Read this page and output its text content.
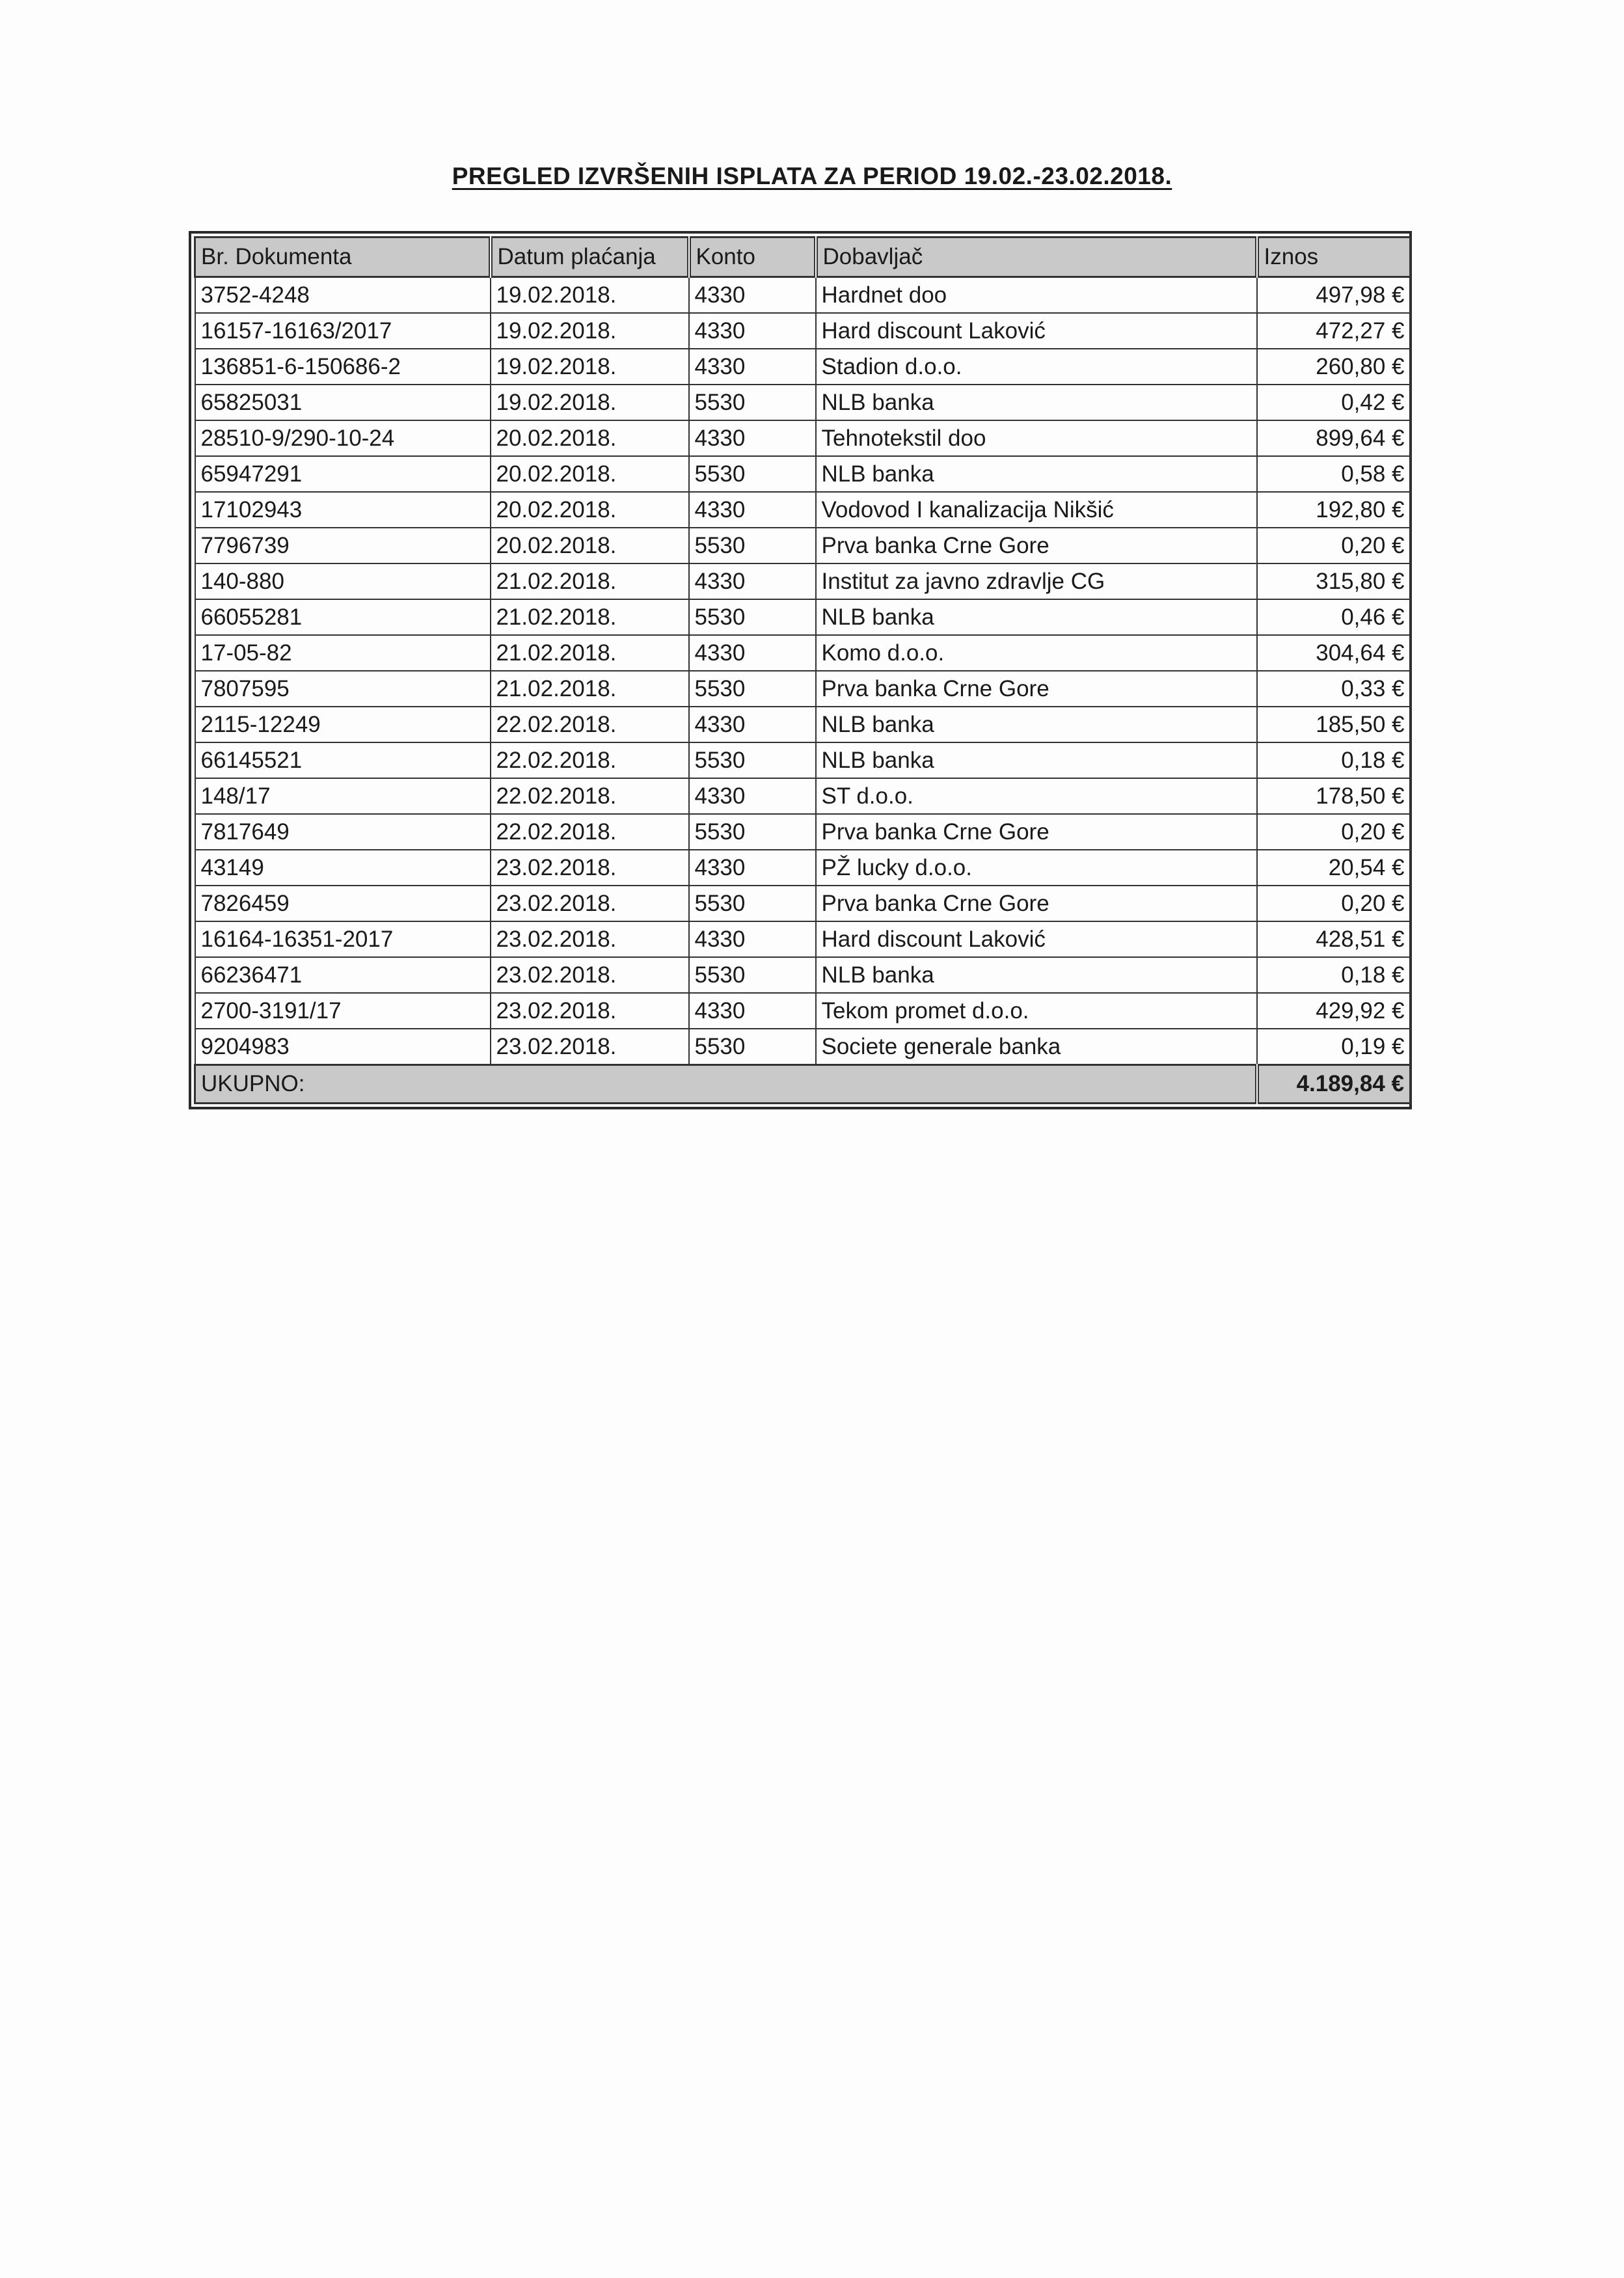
PREGLED IZVRŠENIH ISPLATA ZA PERIOD 19.02.-23.02.2018.
Br. Dokumenta	Datum plaćanja	Konto	Dobavljač	Iznos
3752-4248	19.02.2018.	4330	Hardnet doo	497,98 €
16157-16163/2017	19.02.2018.	4330	Hard discount Laković	472,27 €
136851-6-150686-2	19.02.2018.	4330	Stadion d.o.o.	260,80 €
65825031	19.02.2018.	5530	NLB banka	0,42 €
28510-9/290-10-24	20.02.2018.	4330	Tehnotekstil doo	899,64 €
65947291	20.02.2018.	5530	NLB banka	0,58 €
17102943	20.02.2018.	4330	Vodovod I kanalizacija Nikšić	192,80 €
7796739	20.02.2018.	5530	Prva banka Crne Gore	0,20 €
140-880	21.02.2018.	4330	Institut za javno zdravlje CG	315,80 €
66055281	21.02.2018.	5530	NLB banka	0,46 €
17-05-82	21.02.2018.	4330	Komo d.o.o.	304,64 €
7807595	21.02.2018.	5530	Prva banka Crne Gore	0,33 €
2115-12249	22.02.2018.	4330	NLB banka	185,50 €
66145521	22.02.2018.	5530	NLB banka	0,18 €
148/17	22.02.2018.	4330	ST d.o.o.	178,50 €
7817649	22.02.2018.	5530	Prva banka Crne Gore	0,20 €
43149	23.02.2018.	4330	PŽ lucky d.o.o.	20,54 €
7826459	23.02.2018.	5530	Prva banka Crne Gore	0,20 €
16164-16351-2017	23.02.2018.	4330	Hard discount Laković	428,51 €
66236471	23.02.2018.	5530	NLB banka	0,18 €
2700-3191/17	23.02.2018.	4330	Tekom promet d.o.o.	429,92 €
9204983	23.02.2018.	5530	Societe generale banka	0,19 €
UKUPNO:				4.189,84 €
